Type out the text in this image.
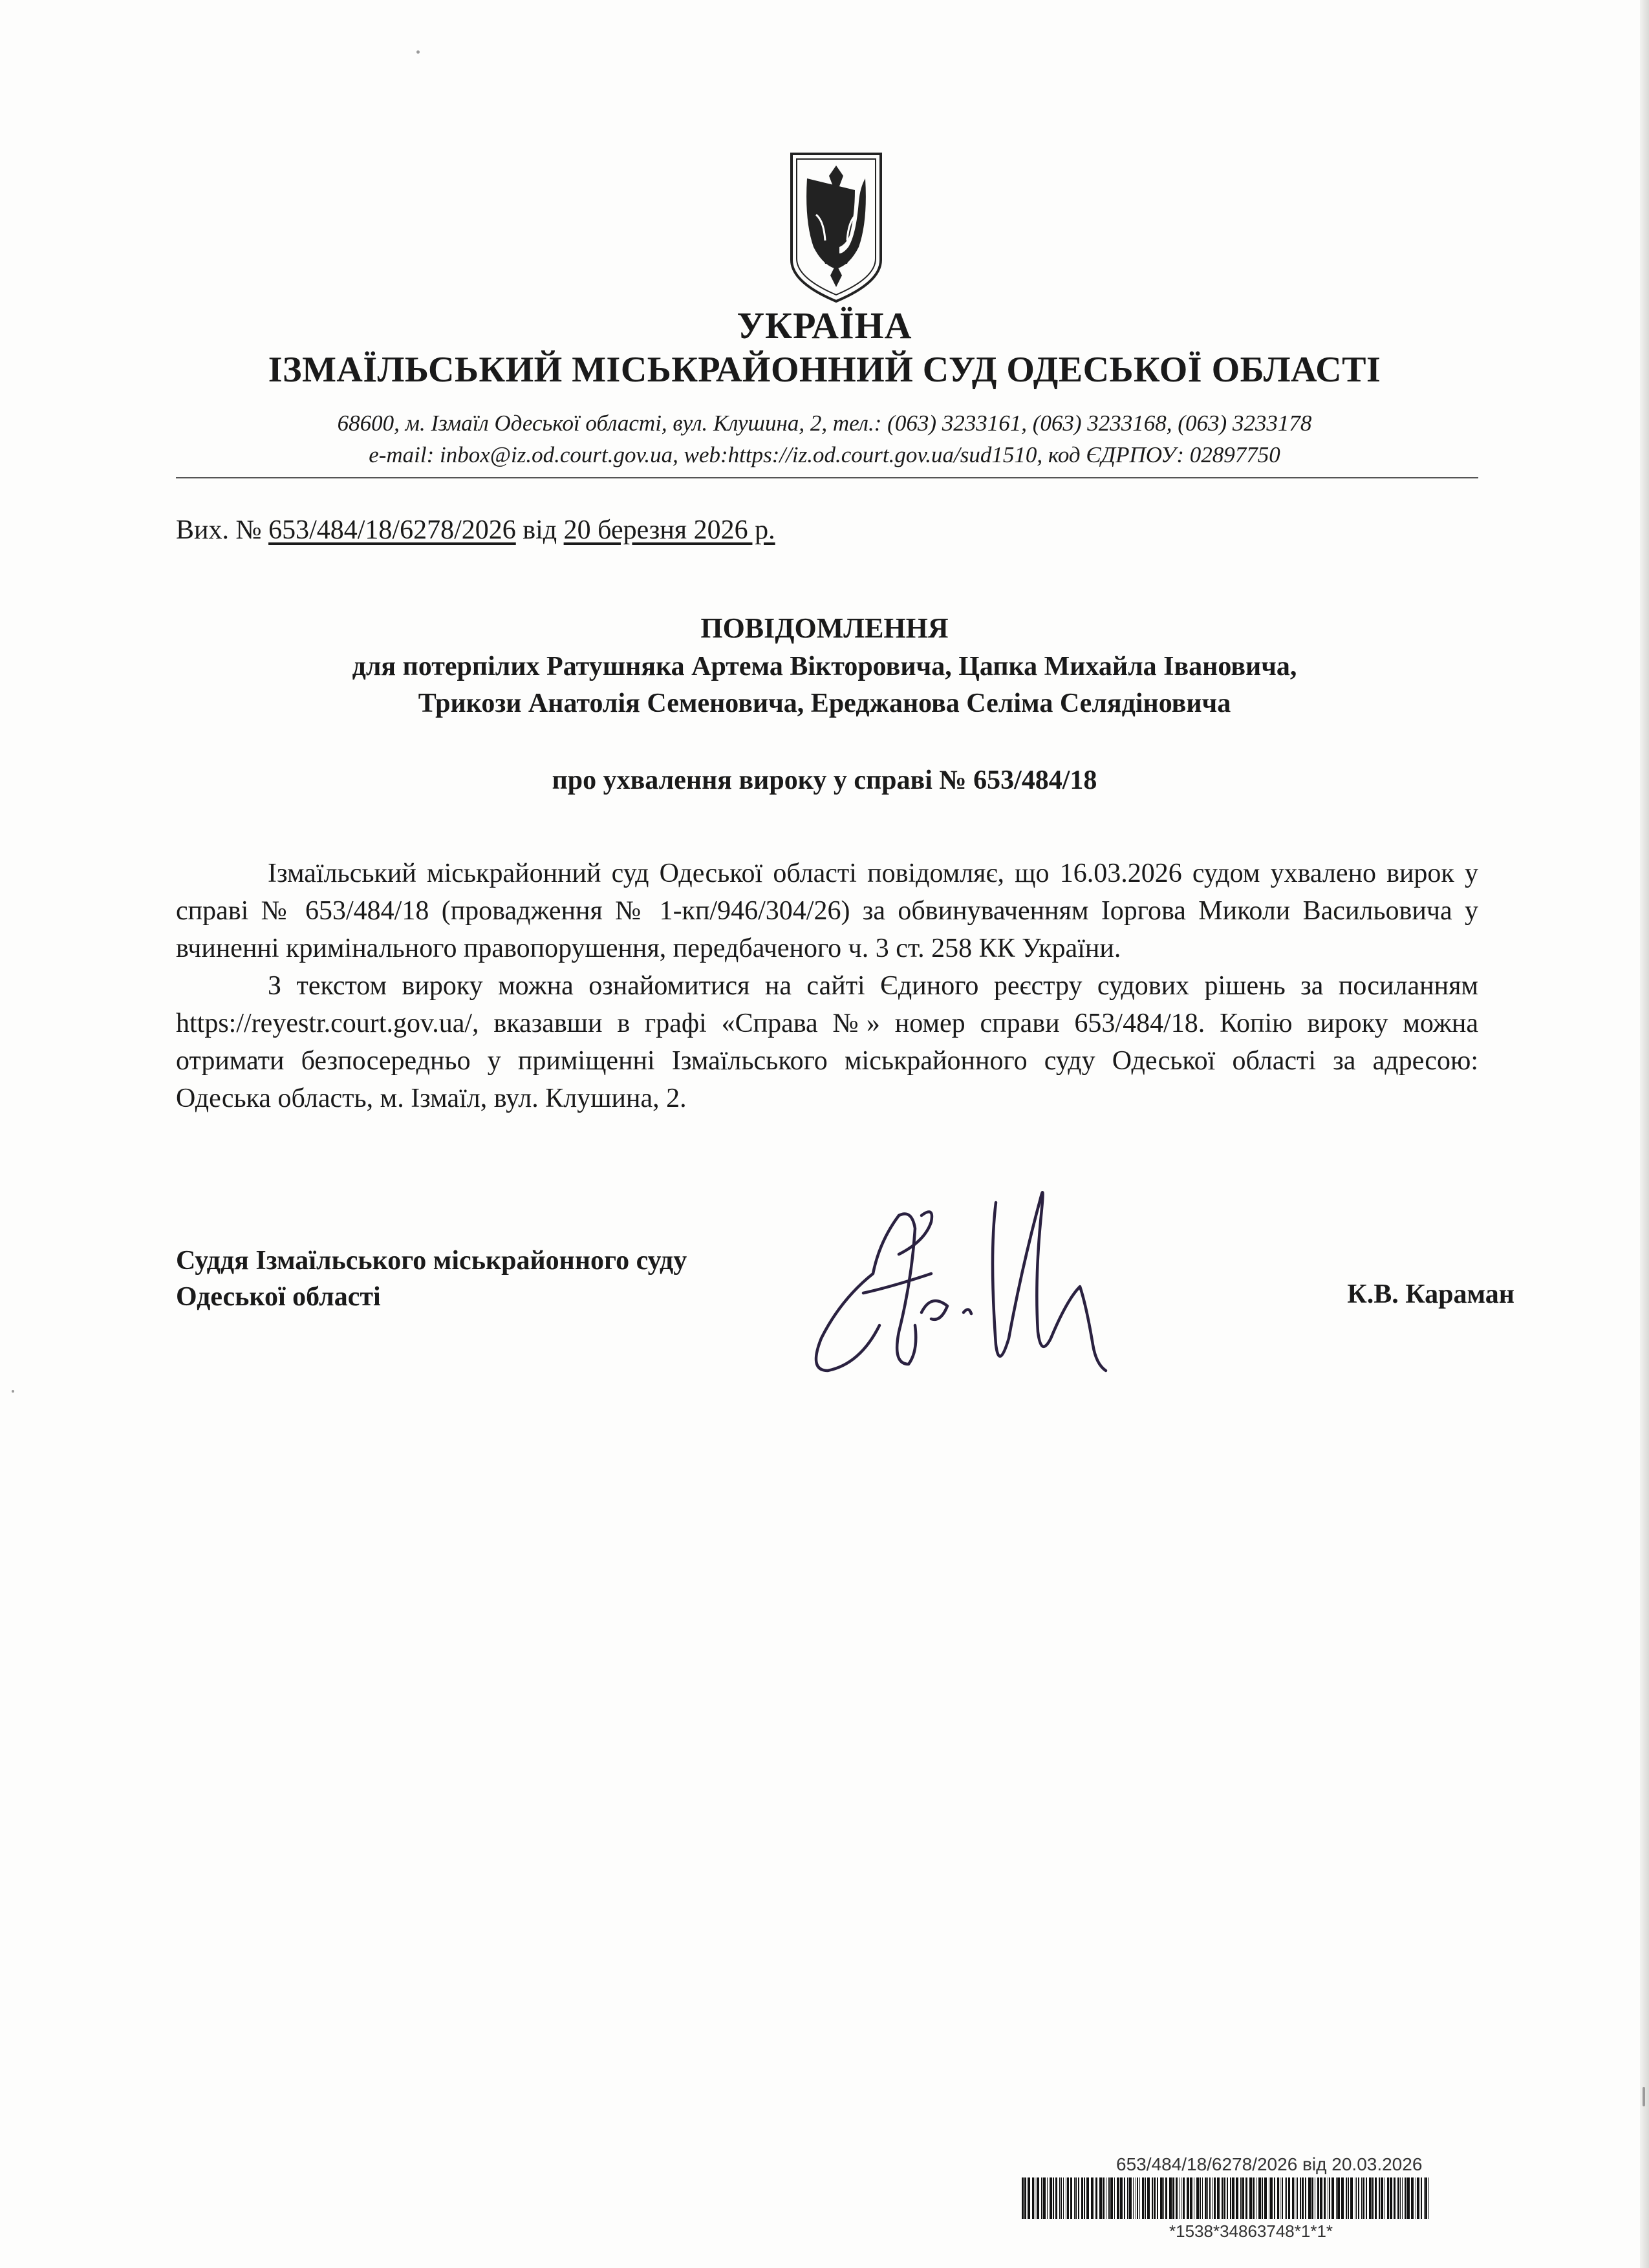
УКРАЇНА
ІЗМАЇЛЬСЬКИЙ МІСЬКРАЙОННИЙ СУД ОДЕСЬКОЇ ОБЛАСТІ
68600, м. Ізмаїл Одеської області, вул. Клушина, 2, тел.: (063) 3233161, (063) 3233168, (063) 3233178
e-mail: inbox@iz.od.court.gov.ua, web:https://iz.od.court.gov.ua/sud1510, код ЄДРПОУ: 02897750
Вих. № 653/484/18/6278/2026 від 20 березня 2026 р.
ПОВІДОМЛЕННЯ
для потерпілих Ратушняка Артема Вікторовича, Цапка Михайла Івановича,
Трикози Анатолія Семеновича, Ереджанова Селіма Селядіновича
про ухвалення вироку у справі № 653/484/18

Ізмаїльський міськрайонний суд Одеської області повідомляє, що 16.03.2026 судом ухвалено вирок у справі № 653/484/18 (провадження № 1-кп/946/304/26) за обвинуваченням Іоргова Миколи Васильовича у вчиненні кримінального правопорушення, передбаченого ч. 3 ст. 258 КК України.

З текстом вироку можна ознайомитися на сайті Єдиного реєстру судових рішень за посиланням https://reyestr.court.gov.ua/, вказавши в графі «Справа №» номер справи 653/484/18. Копію вироку можна отримати безпосередньо у приміщенні Ізмаїльського міськрайонного суду Одеської області за адресою: Одеська область, м. Ізмаїл, вул. Клушина, 2.

Суддя Ізмаїльського міськрайонного суду
Одеської області	К.В. Караман
653/484/18/6278/2026 від 20.03.2026
*1538*34863748*1*1*
